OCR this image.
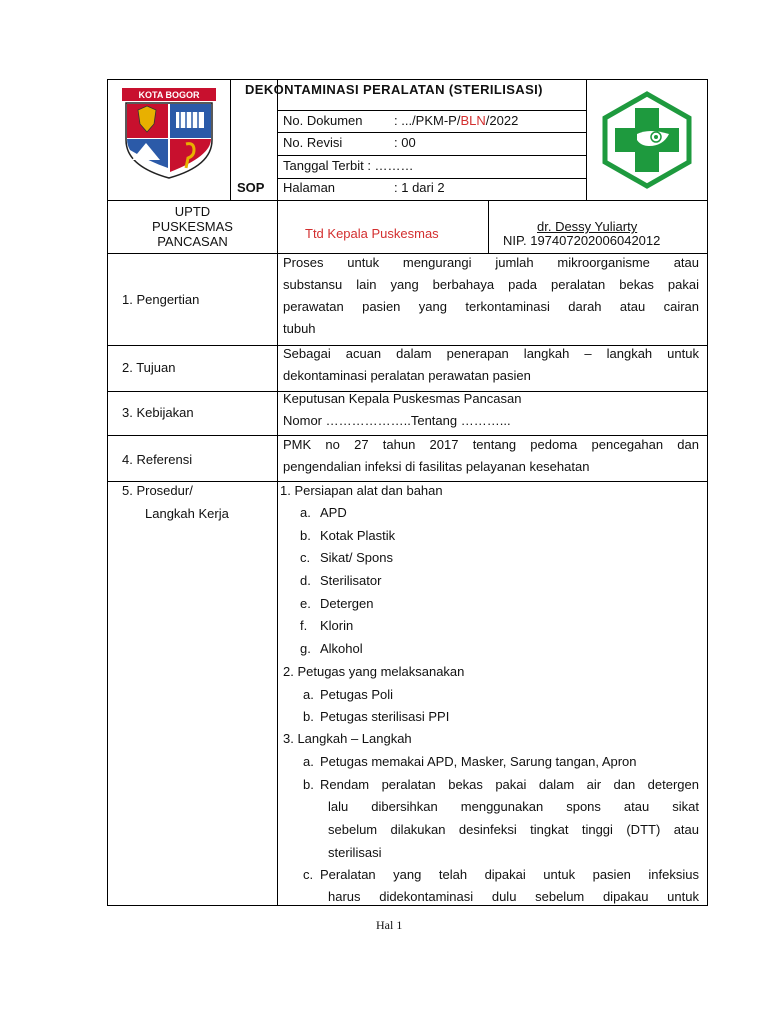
DEKONTAMINASI PERALATAN (STERILISASI)
KOTA BOGOR
SOP
No. Dokumen : .../PKM-P/BLN/2022
No. Revisi	: 00
Tanggal Terbit : ………
Halaman	: 1 dari 2
UPTD
PUSKESMAS
PANCASAN
Ttd Kepala Puskesmas	dr. Dessy Yuliarty
NIP. 197407202006042012
1. Pengertian
Proses untuk mengurangi jumlah mikroorganisme atau
substansu lain yang berbahaya pada peralatan bekas pakai
perawatan pasien yang terkontaminasi darah atau cairan
tubuh
2. Tujuan
Sebagai acuan dalam penerapan langkah – langkah untuk
dekontaminasi peralatan perawatan pasien
3. Kebijakan
Keputusan Kepala Puskesmas Pancasan
Nomor ………………..Tentang ………...
4. Referensi
PMK no 27 tahun 2017 tentang pedoma pencegahan dan
pengendalian infeksi di fasilitas pelayanan kesehatan
5. Prosedur/
Langkah Kerja
1. Persiapan alat dan bahan
a. APD
b. Kotak Plastik
c. Sikat/ Spons
d. Sterilisator
e. Detergen
f. Klorin
g. Alkohol
2. Petugas yang melaksanakan
a. Petugas Poli
b. Petugas sterilisasi PPI
3. Langkah – Langkah
a. Petugas memakai APD, Masker, Sarung tangan, Apron
b. Rendam peralatan bekas pakai dalam air dan detergen
lalu dibersihkan menggunakan spons atau sikat
sebelum dilakukan desinfeksi tingkat tinggi (DTT) atau
sterilisasi
c. Peralatan yang telah dipakai untuk pasien infeksius
harus didekontaminasi dulu sebelum dipakau untuk
Hal 1
